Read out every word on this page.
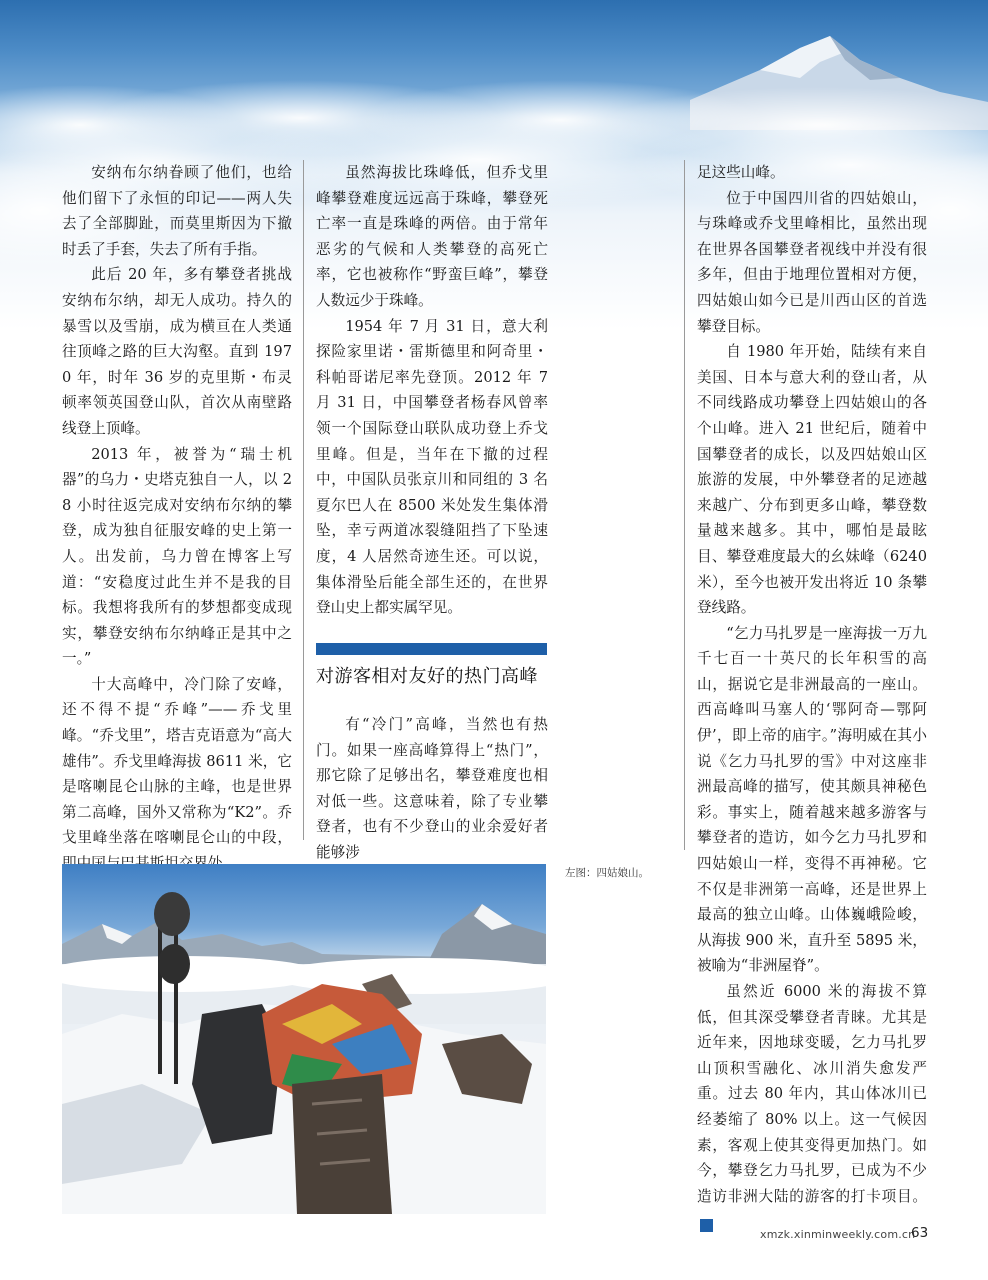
安纳布尔纳眷顾了他们，也给他们留下了永恒的印记——两人失去了全部脚趾，而莫里斯因为下撤时丢了手套，失去了所有手指。

此后 20 年，多有攀登者挑战安纳布尔纳，却无人成功。持久的暴雪以及雪崩，成为横亘在人类通往顶峰之路的巨大沟壑。直到 1970 年，时年 36 岁的克里斯・布灵顿率领英国登山队，首次从南壁路线登上顶峰。

2013 年，被誉为“瑞士机器”的乌力・史塔克独自一人，以 28 小时往返完成对安纳布尔纳的攀登，成为独自征服安峰的史上第一人。出发前，乌力曾在博客上写道：“安稳度过此生并不是我的目标。我想将我所有的梦想都变成现实，攀登安纳布尔纳峰正是其中之一。”

十大高峰中，冷门除了安峰，还不得不提“乔峰”——乔戈里峰。“乔戈里”，塔吉克语意为“高大雄伟”。乔戈里峰海拔 8611 米，它是喀喇昆仑山脉的主峰，也是世界第二高峰，国外又常称为“K2”。乔戈里峰坐落在喀喇昆仑山的中段，

虽然海拔比珠峰低，但乔戈里峰攀登难度远远高于珠峰，攀登死亡率一直是珠峰的两倍。由于常年恶劣的气候和人类攀登的高死亡率，它也被称作“野蛮巨峰”，攀登人数远少于珠峰。

1954 年 7 月 31 日，意大利探险家里诺・雷斯德里和阿奇里・科帕哥诺尼率先登顶。2012 年 7 月 31 日，中国攀登者杨春风曾率领一个国际登山联队成功登上乔戈里峰。但是，当年在下撤的过程中，中国队员张京川和同组的 3 名夏尔巴人在 8500 米处发生集体滑坠，幸亏两道冰裂缝阻挡了下坠速度，4 人居然奇迹生还。可以说，集体滑坠后能全部生还的，在世界登山史上都实属罕见。

对游客相对友好的热门高峰

有“冷门”高峰，当然也有热门。如果一座高峰算得上“热门”，那它除了足够出名，攀登难度也相对低一些。这意味着，除了专业攀登者，也有不少登山的业余爱好者能够涉

足这些山峰。

位于中国四川省的四姑娘山，与珠峰或乔戈里峰相比，虽然出现在世界各国攀登者视线中并没有很多年，但由于地理位置相对方便，四姑娘山如今已是川西山区的首选攀登目标。

自 1980 年开始，陆续有来自美国、日本与意大利的登山者，从不同线路成功攀登上四姑娘山的各个山峰。进入 21 世纪后，随着中国攀登者的成长，以及四姑娘山区旅游的发展，中外攀登者的足迹越来越广、分布到更多山峰，攀登数量越来越多。其中，哪怕是最眩目、攀登难度最大的幺妹峰（6240 米），至今也被开发出将近 10 条攀登线路。

“乞力马扎罗是一座海拔一万九千七百一十英尺的长年积雪的高山，据说它是非洲最高的一座山。西高峰叫马塞人的‘鄂阿奇—鄂阿伊’，即上帝的庙宇。”海明威在其小说《乞力马扎罗的雪》中对这座非洲最高峰的描写，使其颇具神秘色彩。事实上，随着越来越多游客与攀登者的造访，如今乞力马扎罗和四姑娘山一样，变得不再神秘。它不仅是非洲第一高峰，还是世界上最高的独立山峰。山体巍峨险峻，从海拔 900 米，直升至 5895 米，被喻为“非洲屋脊”。

虽然近 6000 米的海拔不算低，但其深受攀登者青睐。尤其是近年来，因地球变暖，乞力马扎罗山顶积雪融化、冰川消失愈发严重。过去 80 年内，其山体冰川已经萎缩了 80% 以上。这一气候因素，客观上使其变得更加热门。如今，攀登乞力马扎罗，已成为不少造访非洲大陆的游客的打卡项目。民

左图：四姑娘山。
xmzk.xinminweekly.com.cn
63
